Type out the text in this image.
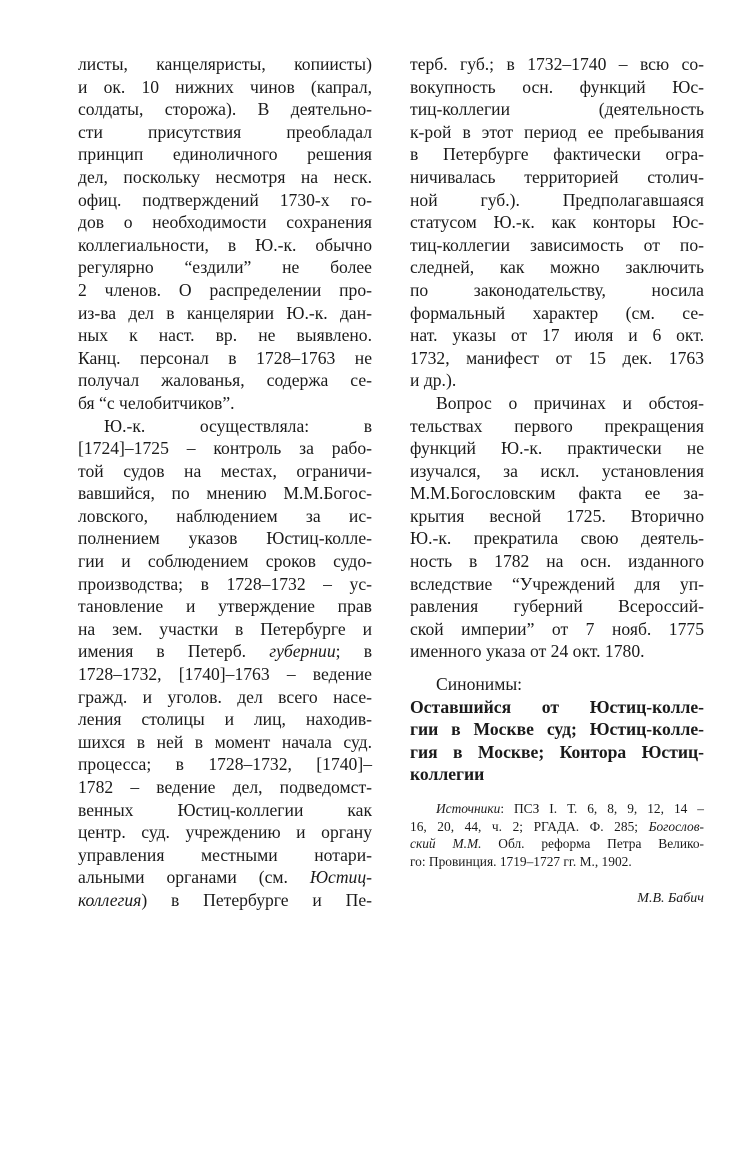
листы, канцеляристы, копиисты)
и ок. 10 нижних чинов (капрал,
солдаты, сторожа). В деятельно-
сти присутствия преобладал
принцип единоличного решения
дел, поскольку несмотря на неск.
офиц. подтверждений 1730-х го-
дов о необходимости сохранения
коллегиальности, в Ю.-к. обычно
регулярно “ездили” не более
2 членов. О распределении про-
из-ва дел в канцелярии Ю.-к. дан-
ных к наст. вр. не выявлено.
Канц. персонал в 1728–1763 не
получал жалованья, содержа се-
бя “с челобитчиков”.
Ю.-к. осуществляла: в
[1724]–1725 – контроль за рабо-
той судов на местах, ограничи-
вавшийся, по мнению М.М.Богос-
ловского, наблюдением за ис-
полнением указов Юстиц-колле-
гии и соблюдением сроков судо-
производства; в 1728–1732 – ус-
тановление и утверждение прав
на зем. участки в Петербурге и
имения в Петерб. губернии; в
1728–1732, [1740]–1763 – ведение
гражд. и уголов. дел всего насе-
ления столицы и лиц, находив-
шихся в ней в момент начала суд.
процесса; в 1728–1732, [1740]–
1782 – ведение дел, подведомст-
венных Юстиц-коллегии как
центр. суд. учреждению и органу
управления местными нотари-
альными органами (см. Юстиц-
коллегия) в Петербурге и Пе-
терб. губ.; в 1732–1740 – всю со-
вокупность осн. функций Юс-
тиц-коллегии (деятельность
к-рой в этот период ее пребывания
в Петербурге фактически огра-
ничивалась территорией столич-
ной губ.). Предполагавшаяся
статусом Ю.-к. как конторы Юс-
тиц-коллегии зависимость от по-
следней, как можно заключить
по законодательству, носила
формальный характер (см. се-
нат. указы от 17 июля и 6 окт.
1732, манифест от 15 дек. 1763
и др.).
Вопрос о причинах и обстоя-
тельствах первого прекращения
функций Ю.-к. практически не
изучался, за искл. установления
М.М.Богословским факта ее за-
крытия весной 1725. Вторично
Ю.-к. прекратила свою деятель-
ность в 1782 на осн. изданного
вследствие “Учреждений для уп-
равления губерний Всероссий-
ской империи” от 7 нояб. 1775
именного указа от 24 окт. 1780.
Синонимы:
Оставшийся от Юстиц-колле-
гии в Москве суд; Юстиц-колле-
гия в Москве; Контора Юстиц-
коллегии
Источники: ПСЗ I. Т. 6, 8, 9, 12, 14 –
16, 20, 44, ч. 2; РГАДА. Ф. 285; Богослов-
ский М.М. Обл. реформа Петра Велико-
го: Провинция. 1719–1727 гг. М., 1902.
М.В. Бабич
